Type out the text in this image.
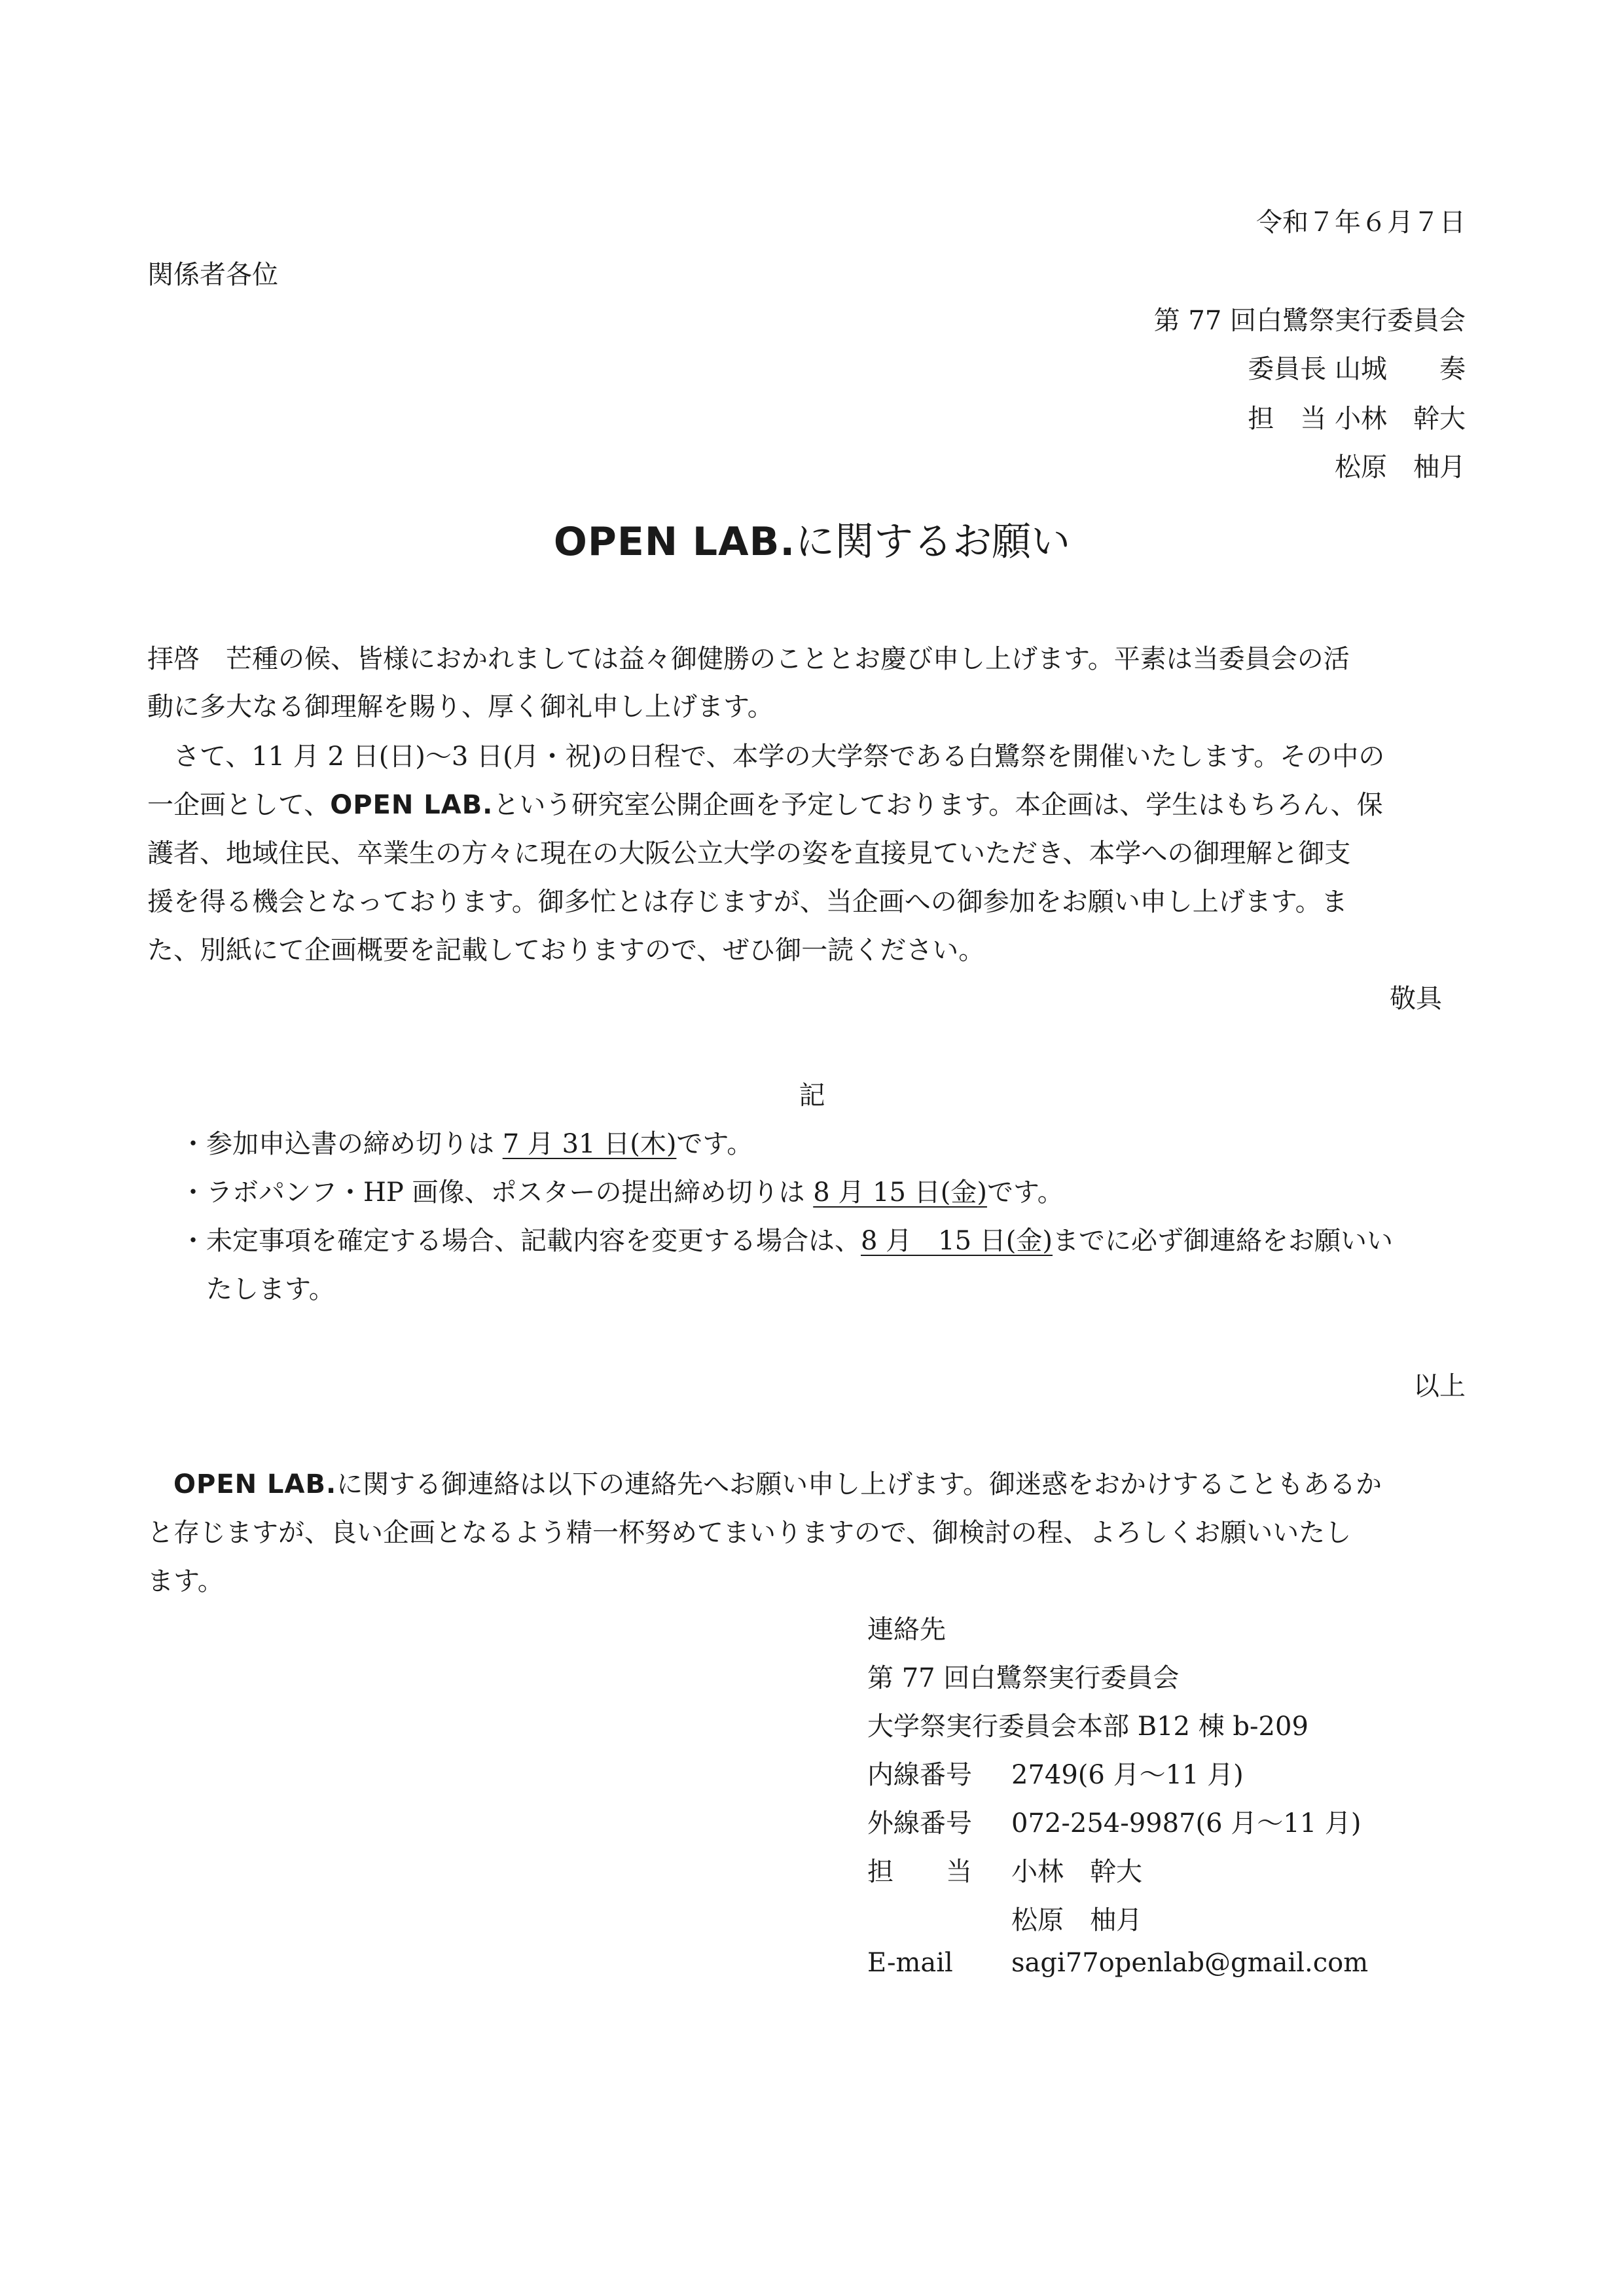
令和７年６月７日
関係者各位
第 77 回白鷺祭実行委員会
委員長 山城　　奏
担　当 小林　幹大
松原　柚月
OPEN LAB.に関するお願い
拝啓　芒種の候、皆様におかれましては益々御健勝のこととお慶び申し上げます。平素は当委員会の活
動に多大なる御理解を賜り、厚く御礼申し上げます。
さて、11 月 2 日(日)〜3 日(月・祝)の日程で、本学の大学祭である白鷺祭を開催いたします。その中の
一企画として、OPEN LAB.という研究室公開企画を予定しております。本企画は、学生はもちろん、保
護者、地域住民、卒業生の方々に現在の大阪公立大学の姿を直接見ていただき、本学への御理解と御支
援を得る機会となっております。御多忙とは存じますが、当企画への御参加をお願い申し上げます。ま
た、別紙にて企画概要を記載しておりますので、ぜひ御一読ください。
敬具
記
・参加申込書の締め切りは 7 月 31 日(木)です。
・ラボパンフ・HP 画像、ポスターの提出締め切りは 8 月 15 日(金)です。
・未定事項を確定する場合、記載内容を変更する場合は、8 月　15 日(金)までに必ず御連絡をお願いい
たします。
以上
OPEN LAB.に関する御連絡は以下の連絡先へお願い申し上げます。御迷惑をおかけすることもあるか
と存じますが、良い企画となるよう精一杯努めてまいりますので、御検討の程、よろしくお願いいたし
ます。
連絡先
第 77 回白鷺祭実行委員会
大学祭実行委員会本部 B12 棟 b-209
内線番号 2749(6 月〜11 月)
外線番号 072-254-9987(6 月〜11 月)
担　　当 小林　幹大
松原　柚月
E-mail sagi77openlab@gmail.com
